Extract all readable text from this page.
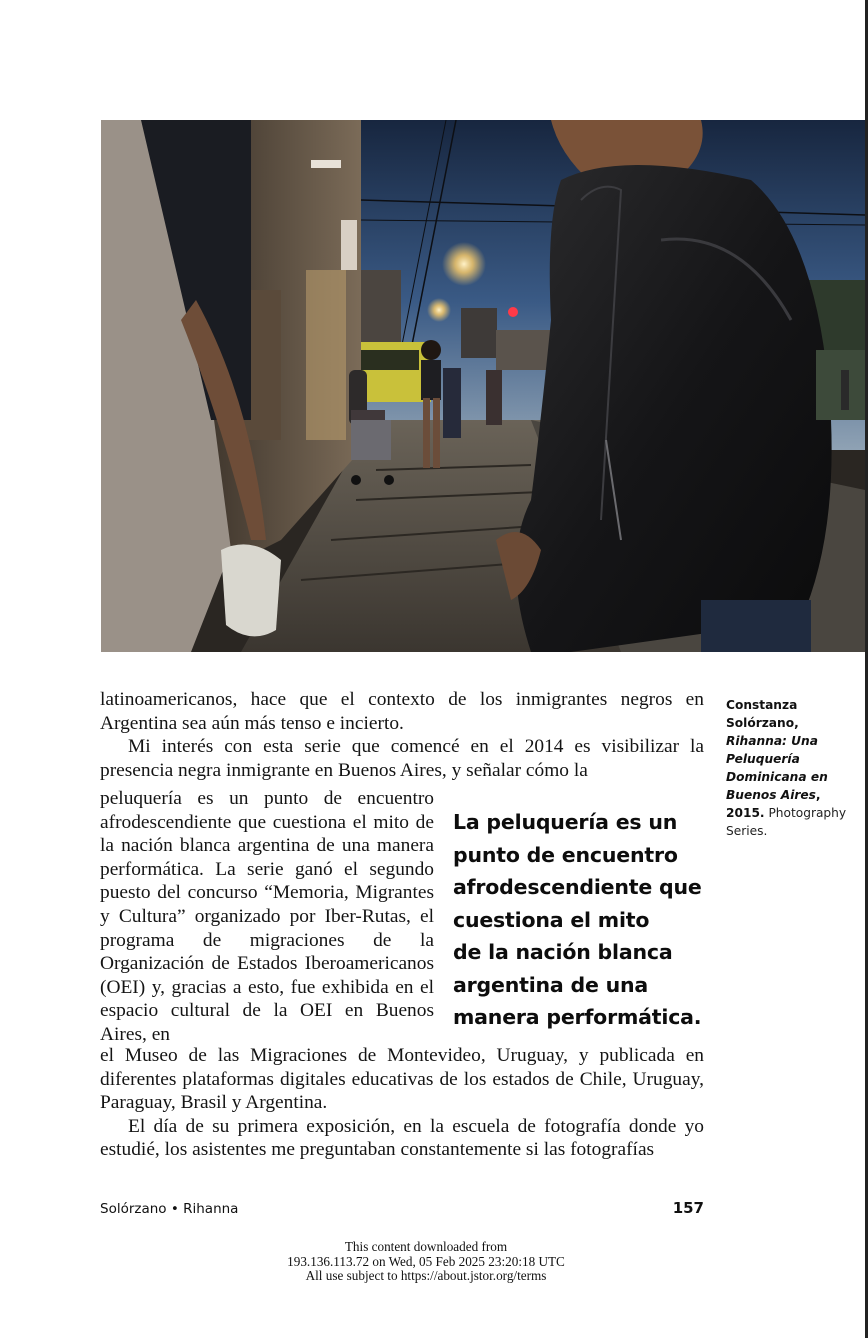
latinoamericanos, hace que el contexto de los inmigrantes negros en Argentina sea aún más tenso e incierto.

Mi interés con esta serie que comencé en el 2014 es visibilizar la presencia negra inmigrante en Buenos Aires, y señalar cómo la

peluquería es un punto de encuentro afrodescendiente que cuestiona el mito de la nación blanca argentina de una manera performática. La serie ganó el segundo puesto del concurso “Memoria, Migrantes y Cultura” organizado por Iber-Rutas, el programa de migraciones de la Organización de Estados Iberoamericanos (OEI) y, gracias a esto, fue exhibida en el espacio cultural de la OEI en Buenos Aires, en

La peluquería es un
punto de encuentro
afrodescendiente que
cuestiona el mito
de la nación blanca
argentina de una
manera performática.

el Museo de las Migraciones de Montevideo, Uruguay, y publicada en diferentes plataformas digitales educativas de los estados de Chile, Uruguay, Paraguay, Brasil y Argentina.

El día de su primera exposición, en la escuela de fotografía donde yo estudié, los asistentes me preguntaban constantemente si las fotografías

Constanza Solórzano, Rihanna: Una Peluquería Dominicana en Buenos Aires, 2015. Photography Series.
Solórzano • Rihanna	157
This content downloaded from
193.136.113.72 on Wed, 05 Feb 2025 23:20:18 UTC
All use subject to https://about.jstor.org/terms
